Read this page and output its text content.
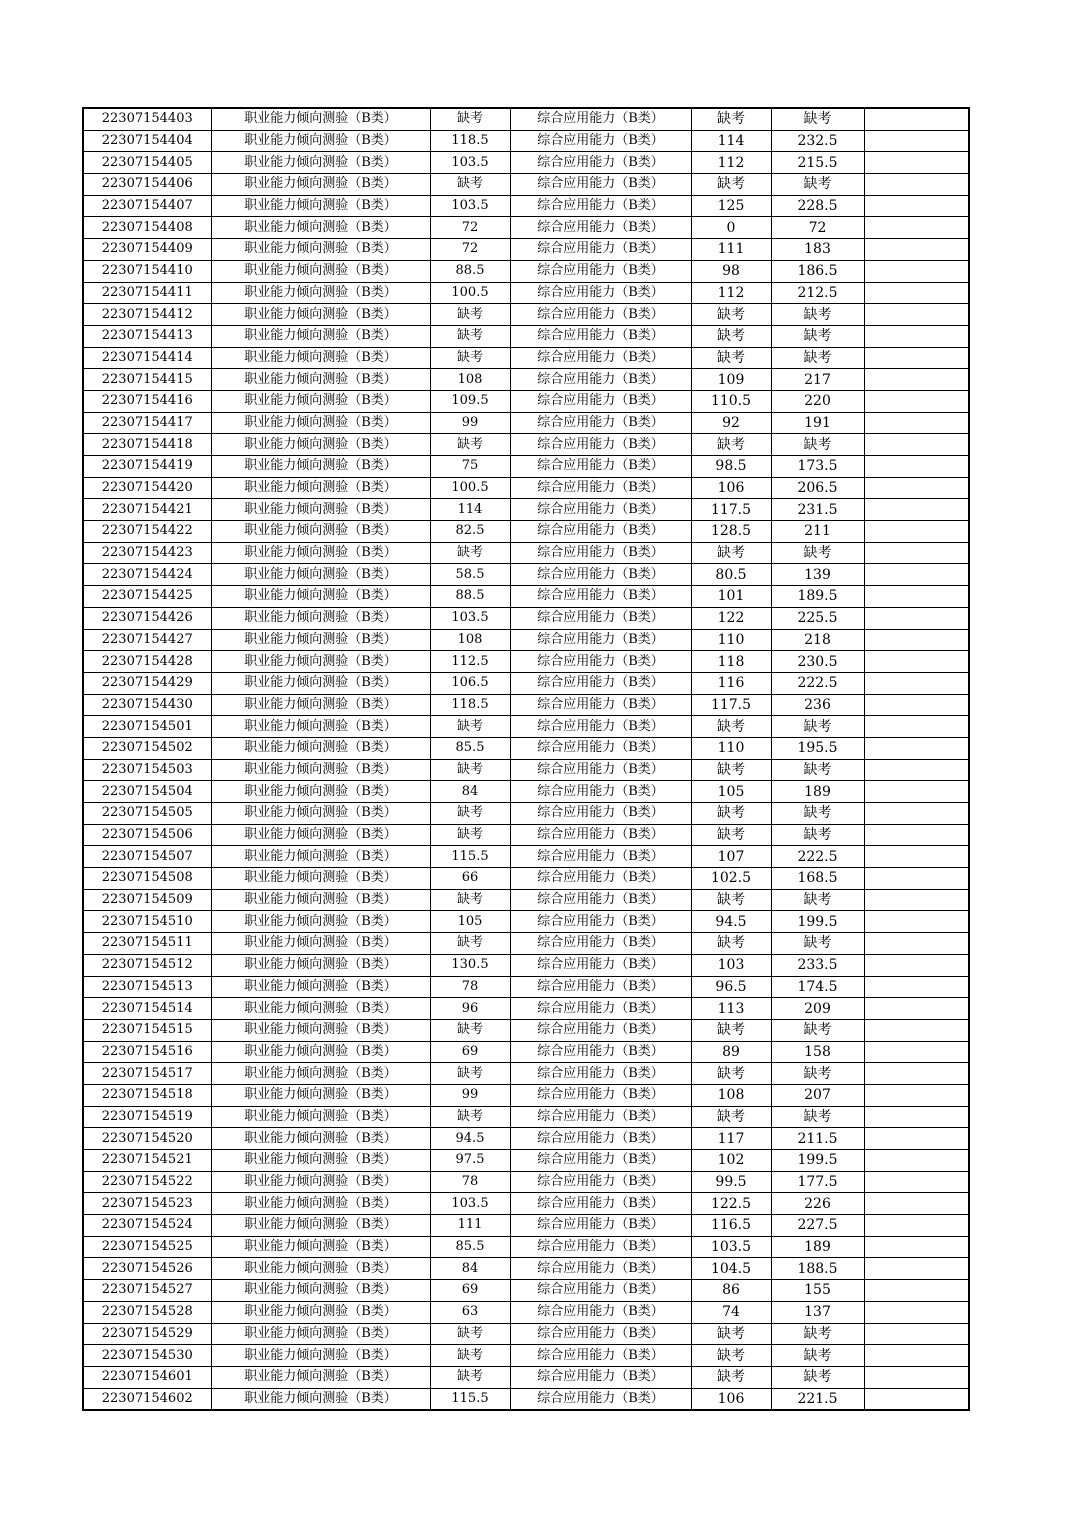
22307154403	职业能力倾向测验（B类）	缺考	综合应用能力（B类）	缺考	缺考	
22307154404	职业能力倾向测验（B类）	118.5	综合应用能力（B类）	114	232.5	
22307154405	职业能力倾向测验（B类）	103.5	综合应用能力（B类）	112	215.5	
22307154406	职业能力倾向测验（B类）	缺考	综合应用能力（B类）	缺考	缺考	
22307154407	职业能力倾向测验（B类）	103.5	综合应用能力（B类）	125	228.5	
22307154408	职业能力倾向测验（B类）	72	综合应用能力（B类）	0	72	
22307154409	职业能力倾向测验（B类）	72	综合应用能力（B类）	111	183	
22307154410	职业能力倾向测验（B类）	88.5	综合应用能力（B类）	98	186.5	
22307154411	职业能力倾向测验（B类）	100.5	综合应用能力（B类）	112	212.5	
22307154412	职业能力倾向测验（B类）	缺考	综合应用能力（B类）	缺考	缺考	
22307154413	职业能力倾向测验（B类）	缺考	综合应用能力（B类）	缺考	缺考	
22307154414	职业能力倾向测验（B类）	缺考	综合应用能力（B类）	缺考	缺考	
22307154415	职业能力倾向测验（B类）	108	综合应用能力（B类）	109	217	
22307154416	职业能力倾向测验（B类）	109.5	综合应用能力（B类）	110.5	220	
22307154417	职业能力倾向测验（B类）	99	综合应用能力（B类）	92	191	
22307154418	职业能力倾向测验（B类）	缺考	综合应用能力（B类）	缺考	缺考	
22307154419	职业能力倾向测验（B类）	75	综合应用能力（B类）	98.5	173.5	
22307154420	职业能力倾向测验（B类）	100.5	综合应用能力（B类）	106	206.5	
22307154421	职业能力倾向测验（B类）	114	综合应用能力（B类）	117.5	231.5	
22307154422	职业能力倾向测验（B类）	82.5	综合应用能力（B类）	128.5	211	
22307154423	职业能力倾向测验（B类）	缺考	综合应用能力（B类）	缺考	缺考	
22307154424	职业能力倾向测验（B类）	58.5	综合应用能力（B类）	80.5	139	
22307154425	职业能力倾向测验（B类）	88.5	综合应用能力（B类）	101	189.5	
22307154426	职业能力倾向测验（B类）	103.5	综合应用能力（B类）	122	225.5	
22307154427	职业能力倾向测验（B类）	108	综合应用能力（B类）	110	218	
22307154428	职业能力倾向测验（B类）	112.5	综合应用能力（B类）	118	230.5	
22307154429	职业能力倾向测验（B类）	106.5	综合应用能力（B类）	116	222.5	
22307154430	职业能力倾向测验（B类）	118.5	综合应用能力（B类）	117.5	236	
22307154501	职业能力倾向测验（B类）	缺考	综合应用能力（B类）	缺考	缺考	
22307154502	职业能力倾向测验（B类）	85.5	综合应用能力（B类）	110	195.5	
22307154503	职业能力倾向测验（B类）	缺考	综合应用能力（B类）	缺考	缺考	
22307154504	职业能力倾向测验（B类）	84	综合应用能力（B类）	105	189	
22307154505	职业能力倾向测验（B类）	缺考	综合应用能力（B类）	缺考	缺考	
22307154506	职业能力倾向测验（B类）	缺考	综合应用能力（B类）	缺考	缺考	
22307154507	职业能力倾向测验（B类）	115.5	综合应用能力（B类）	107	222.5	
22307154508	职业能力倾向测验（B类）	66	综合应用能力（B类）	102.5	168.5	
22307154509	职业能力倾向测验（B类）	缺考	综合应用能力（B类）	缺考	缺考	
22307154510	职业能力倾向测验（B类）	105	综合应用能力（B类）	94.5	199.5	
22307154511	职业能力倾向测验（B类）	缺考	综合应用能力（B类）	缺考	缺考	
22307154512	职业能力倾向测验（B类）	130.5	综合应用能力（B类）	103	233.5	
22307154513	职业能力倾向测验（B类）	78	综合应用能力（B类）	96.5	174.5	
22307154514	职业能力倾向测验（B类）	96	综合应用能力（B类）	113	209	
22307154515	职业能力倾向测验（B类）	缺考	综合应用能力（B类）	缺考	缺考	
22307154516	职业能力倾向测验（B类）	69	综合应用能力（B类）	89	158	
22307154517	职业能力倾向测验（B类）	缺考	综合应用能力（B类）	缺考	缺考	
22307154518	职业能力倾向测验（B类）	99	综合应用能力（B类）	108	207	
22307154519	职业能力倾向测验（B类）	缺考	综合应用能力（B类）	缺考	缺考	
22307154520	职业能力倾向测验（B类）	94.5	综合应用能力（B类）	117	211.5	
22307154521	职业能力倾向测验（B类）	97.5	综合应用能力（B类）	102	199.5	
22307154522	职业能力倾向测验（B类）	78	综合应用能力（B类）	99.5	177.5	
22307154523	职业能力倾向测验（B类）	103.5	综合应用能力（B类）	122.5	226	
22307154524	职业能力倾向测验（B类）	111	综合应用能力（B类）	116.5	227.5	
22307154525	职业能力倾向测验（B类）	85.5	综合应用能力（B类）	103.5	189	
22307154526	职业能力倾向测验（B类）	84	综合应用能力（B类）	104.5	188.5	
22307154527	职业能力倾向测验（B类）	69	综合应用能力（B类）	86	155	
22307154528	职业能力倾向测验（B类）	63	综合应用能力（B类）	74	137	
22307154529	职业能力倾向测验（B类）	缺考	综合应用能力（B类）	缺考	缺考	
22307154530	职业能力倾向测验（B类）	缺考	综合应用能力（B类）	缺考	缺考	
22307154601	职业能力倾向测验（B类）	缺考	综合应用能力（B类）	缺考	缺考	
22307154602	职业能力倾向测验（B类）	115.5	综合应用能力（B类）	106	221.5	
